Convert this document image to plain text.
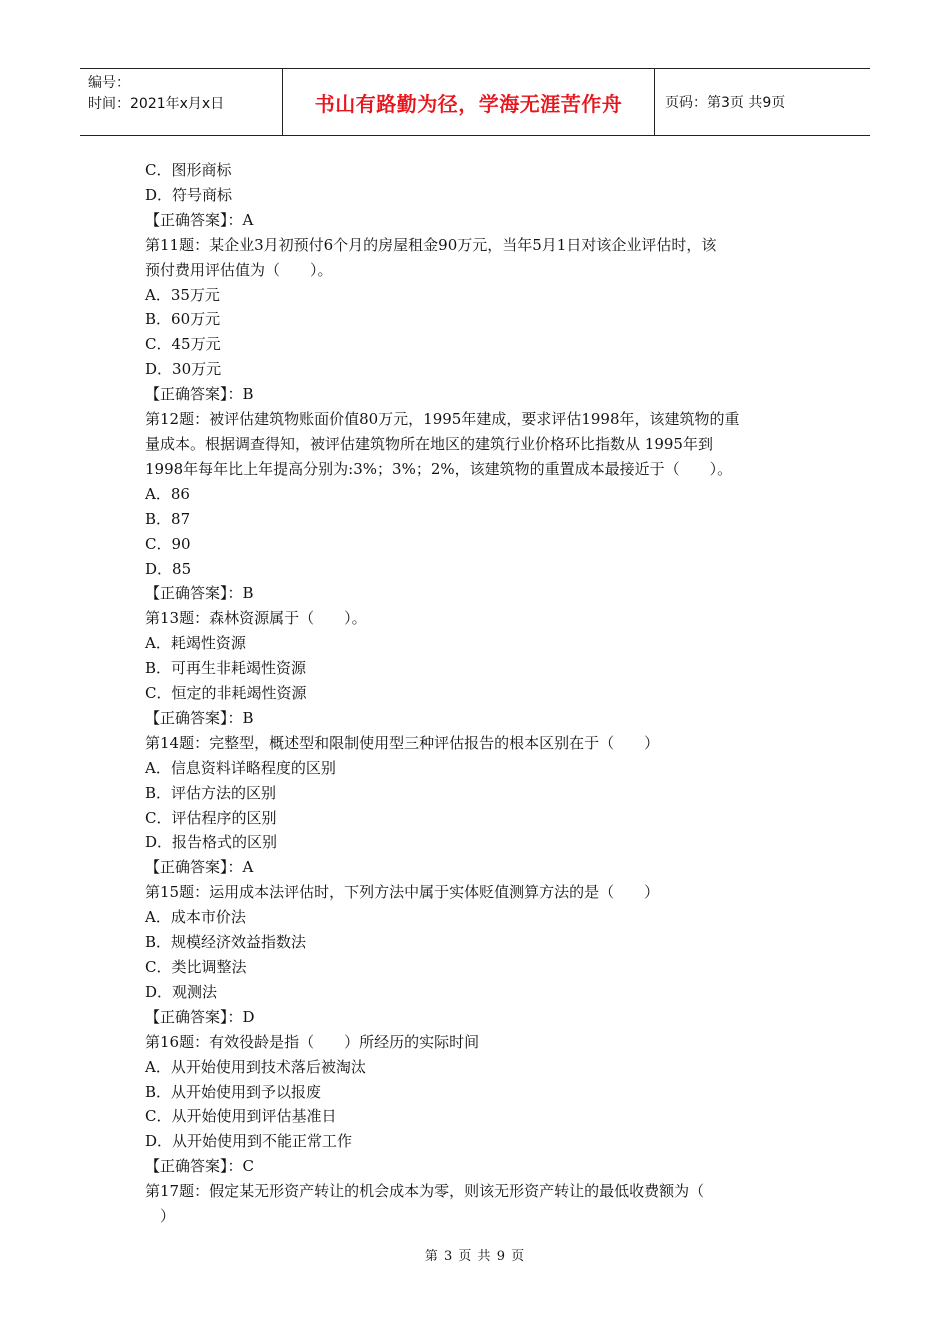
编号：
时间：2021年x月x日	书山有路勤为径，学海无涯苦作舟	页码：第3页 共9页
C．图形商标
D．符号商标
【正确答案】：A
第11题：某企业3月初预付6个月的房屋租金90万元，当年5月1日对该企业评估时，该
预付费用评估值为（　　）。
A．35万元
B．60万元
C．45万元
D．30万元
【正确答案】：B
第12题：被评估建筑物账面价值80万元，1995年建成，要求评估1998年，该建筑物的重
量成本。根据调查得知，被评估建筑物所在地区的建筑行业价格环比指数从 1995年到
1998年每年比上年提高分别为:3%；3%；2%，该建筑物的重置成本最接近于（　　）。
A．86
B．87
C．90
D．85
【正确答案】：B
第13题：森林资源属于（　　）。
A．耗竭性资源
B．可再生非耗竭性资源
C．恒定的非耗竭性资源
【正确答案】：B
第14题：完整型，概述型和限制使用型三种评估报告的根本区别在于（　　）
A．信息资料详略程度的区别
B．评估方法的区别
C．评估程序的区别
D．报告格式的区别
【正确答案】：A
第15题：运用成本法评估时，下列方法中属于实体贬值测算方法的是（　　）
A．成本市价法
B．规模经济效益指数法
C．类比调整法
D．观测法
【正确答案】：D
第16题：有效役龄是指（　　）所经历的实际时间
A．从开始使用到技术落后被淘汰
B．从开始使用到予以报废
C．从开始使用到评估基准日
D．从开始使用到不能正常工作
【正确答案】：C
第17题：假定某无形资产转让的机会成本为零，则该无形资产转让的最低收费额为（
　）
第 3 页 共 9 页
